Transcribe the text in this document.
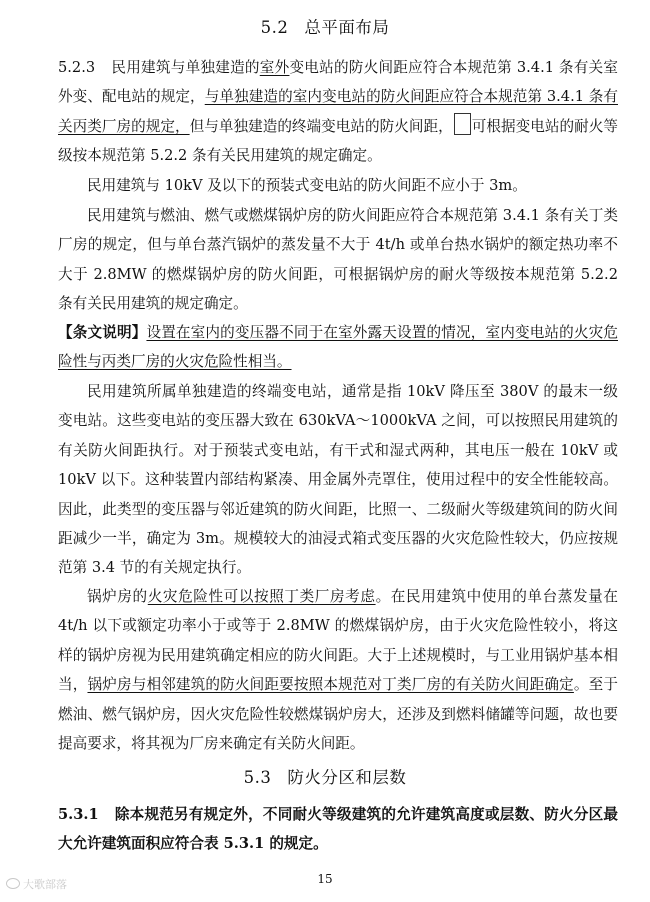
5.2 总平面布局
5.2.3 民用建筑与单独建造的室外变电站的防火间距应符合本规范第 3.4.1 条有关室外变、配电站的规定，与单独建造的室内变电站的防火间距应符合本规范第 3.4.1 条有关丙类厂房的规定，但与单独建造的终端变电站的防火间距， 可根据变电站的耐火等级按本规范第 5.2.2 条有关民用建筑的规定确定。
民用建筑与 10kV 及以下的预装式变电站的防火间距不应小于 3m。
民用建筑与燃油、燃气或燃煤锅炉房的防火间距应符合本规范第 3.4.1 条有关丁类厂房的规定，但与单台蒸汽锅炉的蒸发量不大于 4t/h 或单台热水锅炉的额定热功率不大于 2.8MW 的燃煤锅炉房的防火间距，可根据锅炉房的耐火等级按本规范第 5.2.2 条有关民用建筑的规定确定。
【条文说明】设置在室内的变压器不同于在室外露天设置的情况，室内变电站的火灾危险性与丙类厂房的火灾危险性相当。
民用建筑所属单独建造的终端变电站，通常是指 10kV 降压至 380V 的最末一级变电站。这些变电站的变压器大致在 630kVA～1000kVA 之间，可以按照民用建筑的有关防火间距执行。对于预装式变电站，有干式和湿式两种，其电压一般在 10kV 或 10kV 以下。这种装置内部结构紧凑、用金属外壳罩住，使用过程中的安全性能较高。因此，此类型的变压器与邻近建筑的防火间距，比照一、二级耐火等级建筑间的防火间距减少一半，确定为 3m。规模较大的油浸式箱式变压器的火灾危险性较大，仍应按规范第 3.4 节的有关规定执行。
锅炉房的火灾危险性可以按照丁类厂房考虑。在民用建筑中使用的单台蒸发量在 4t/h 以下或额定功率小于或等于 2.8MW 的燃煤锅炉房，由于火灾危险性较小，将这样的锅炉房视为民用建筑确定相应的防火间距。大于上述规模时，与工业用锅炉基本相当，锅炉房与相邻建筑的防火间距要按照本规范对丁类厂房的有关防火间距确定。至于燃油、燃气锅炉房，因火灾危险性较燃煤锅炉房大，还涉及到燃料储罐等问题，故也要提高要求，将其视为厂房来确定有关防火间距。
5.3 防火分区和层数
5.3.1 除本规范另有规定外，不同耐火等级建筑的允许建筑高度或层数、防火分区最大允许建筑面积应符合表 5.3.1 的规定。
15
大歌部落
